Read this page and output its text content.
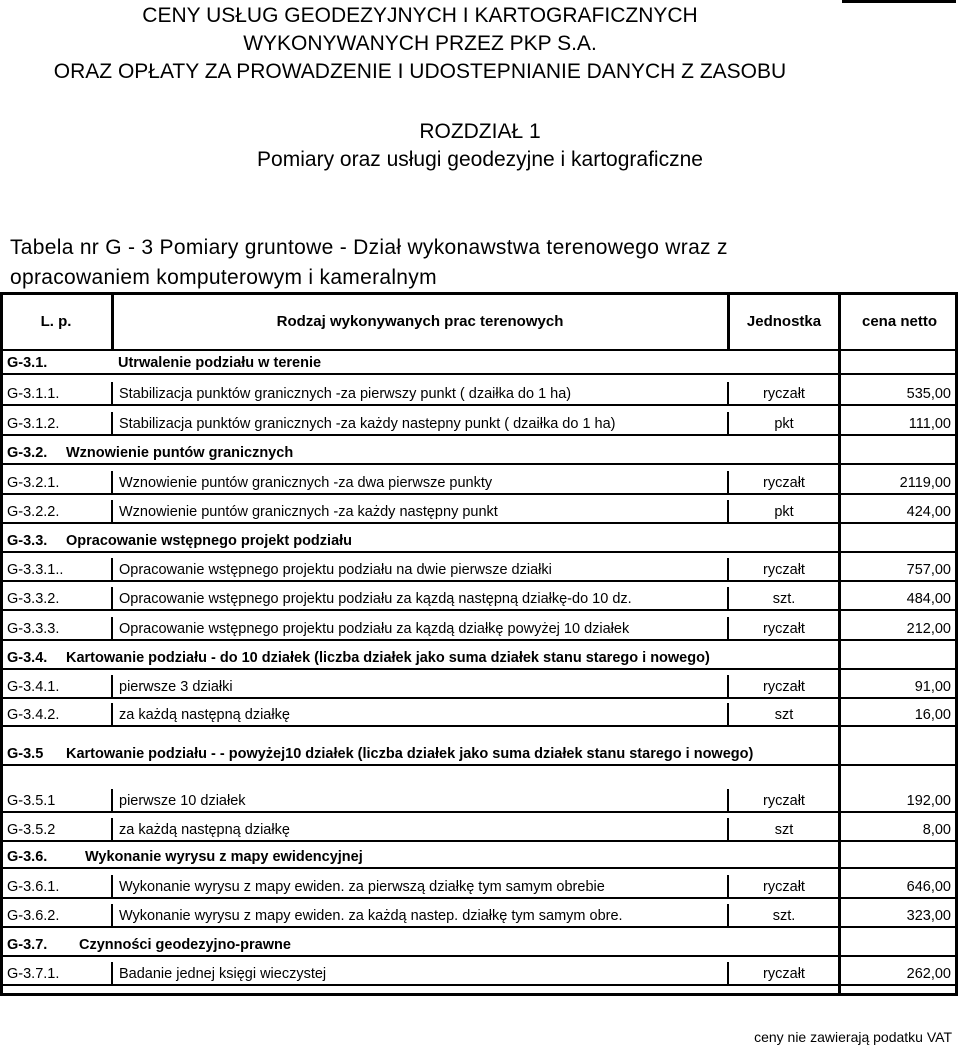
CENY USŁUG GEODEZYJNYCH I KARTOGRAFICZNYCH
WYKONYWANYCH PRZEZ PKP S.A.
ORAZ OPŁATY ZA PROWADZENIE I UDOSTEPNIANIE DANYCH Z ZASOBU
ROZDZIAŁ 1
Pomiary oraz usługi geodezyjne i kartograficzne
Tabela nr G - 3 Pomiary gruntowe - Dział wykonawstwa terenowego wraz z
opracowaniem komputerowym i kameralnym
L. p.	Rodzaj wykonywanych prac terenowych	Jednostka	cena netto
G-3.1.	Utrwalenie podziału w terenie
G-3.1.1.	Stabilizacja punktów granicznych -za pierwszy punkt ( dzaiłka do 1 ha)	ryczałt	535,00
G-3.1.2.	Stabilizacja punktów granicznych -za każdy nastepny punkt ( dzaiłka do 1 ha)	pkt	111,00
G-3.2. Wznowienie puntów granicznych
G-3.2.1.	Wznowienie puntów granicznych -za dwa pierwsze punkty	ryczałt	2119,00
G-3.2.2.	Wznowienie puntów granicznych -za każdy następny punkt	pkt	424,00
G-3.3. Opracowanie wstępnego projekt podziału
G-3.3.1..	Opracowanie wstępnego projektu podziału na dwie pierwsze działki	ryczałt	757,00
G-3.3.2.	Opracowanie wstępnego projektu podziału za kązdą następną działkę-do 10 dz.	szt.	484,00
G-3.3.3.	Opracowanie wstępnego projektu podziału za kązdą działkę powyżej 10 działek	ryczałt	212,00
G-3.4. Kartowanie podziału - do 10 działek (liczba działek jako suma działek stanu starego i nowego)
G-3.4.1.	pierwsze 3 działki	ryczałt	91,00
G-3.4.2.	za każdą następną działkę	szt	16,00
G-3.5 Kartowanie podziału - - powyżej10 działek (liczba działek jako suma działek stanu starego i nowego)
G-3.5.1	pierwsze 10 działek	ryczałt	192,00
G-3.5.2	za każdą następną działkę	szt	8,00
G-3.6.	Wykonanie wyrysu z mapy ewidencyjnej
G-3.6.1.	Wykonanie wyrysu z mapy ewiden. za pierwszą działkę tym samym obrebie	ryczałt	646,00
G-3.6.2.	Wykonanie wyrysu z mapy ewiden. za każdą nastep. działkę tym samym obre.	szt.	323,00
G-3.7. Czynności geodezyjno-prawne
G-3.7.1.	Badanie jednej księgi wieczystej	ryczałt	262,00
ceny nie zawierają podatku VAT
